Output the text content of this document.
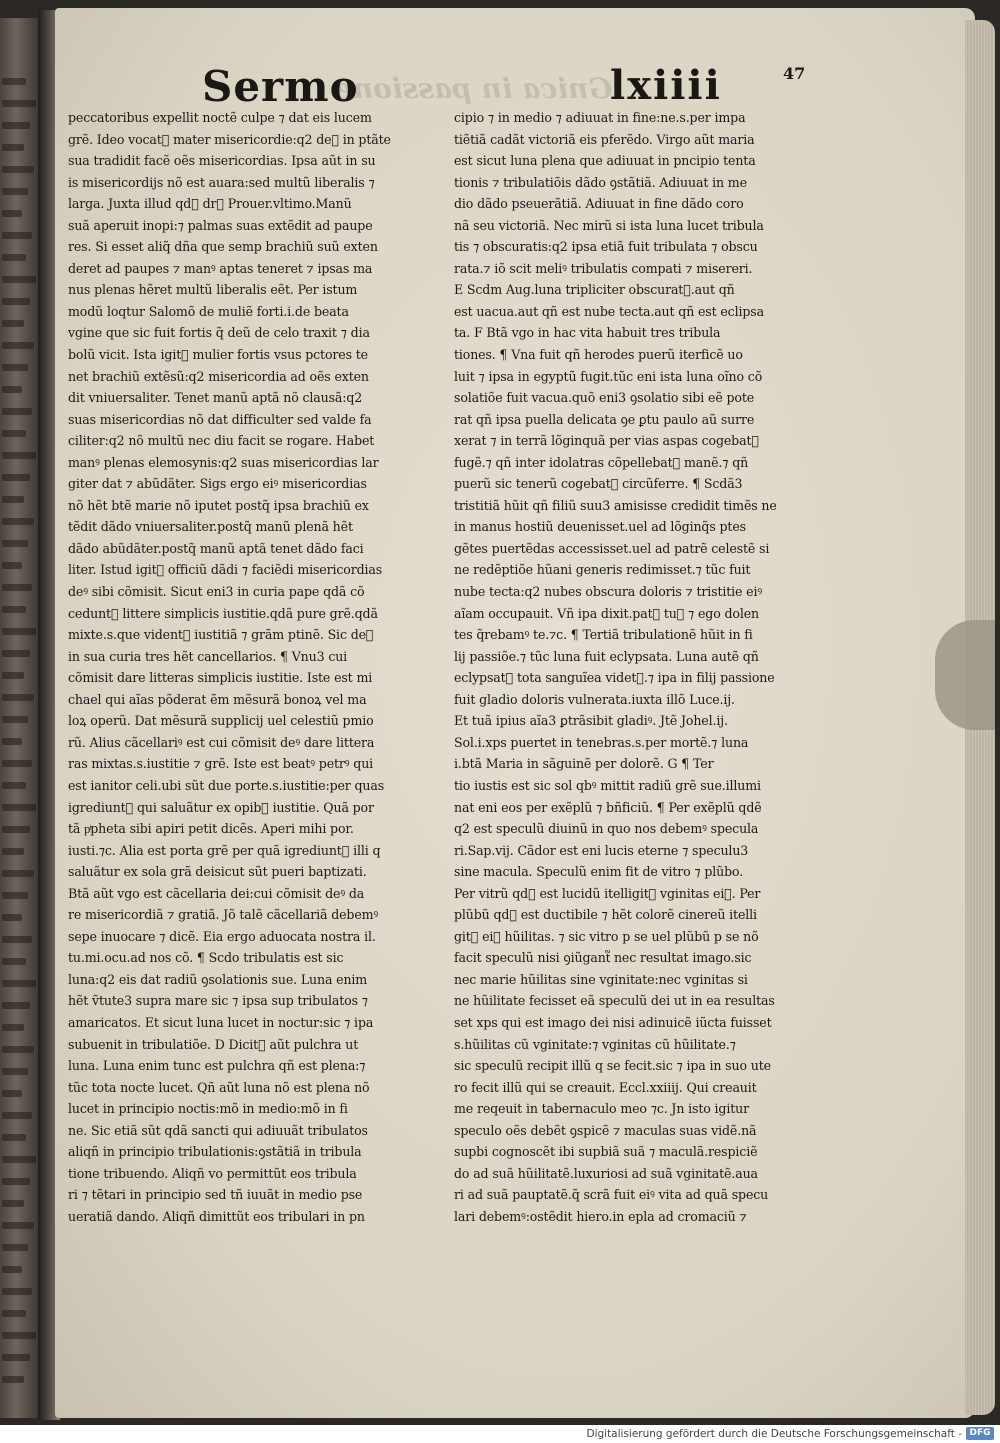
Gnica in passione
Sermo	lxiiii	47
peccatoribus expellit noctẽ culpe ⁊ dat eis lucem
grẽ. Ideo vocat᷑ mater misericordie:q2 deꝰ in ptãte
sua tradidit facẽ oẽs misericordias. Ipsa aũt in su
is misericordijs nõ est auara:sed multũ liberalis ⁊
larga. Juxta illud qd᷑ dr᷑ Prouer.vltimo.Manũ
suã aperuit inopi:⁊ palmas suas extẽdit ad paupe
res. Si esset aliq̃ dña que semp brachiũ suũ exten
deret ad paupes ⁊ manꝰ aptas teneret ⁊ ipsas ma
nus plenas hẽret multũ liberalis eẽt. Per istum
modũ loqtur Salomõ de muliẽ forti.i.de beata
vgine que sic fuit fortis q̃ deũ de celo traxit ⁊ dia
bolũ vicit. Ista igit᷑ mulier fortis vsus pctores te
net brachiũ extẽsũ:q2 misericordia ad oẽs exten
dit vniuersaliter. Tenet manũ aptã nõ clausã:q2
suas misericordias nõ dat difficulter sed valde fa
ciliter:q2 nõ multũ nec diu facit se rogare. Habet
manꝰ plenas elemosynis:q2 suas misericordias lar
giter dat ⁊ abũdãter. Sigs ergo eiꝰ misericordias
nõ hẽt btẽ marie nõ iputet postq̃ ipsa brachiũ ex
tẽdit dãdo vniuersaliter.postq̃ manũ plenã hẽt
dãdo abũdãter.postq̃ manũ aptã tenet dãdo faci
liter. Istud igit᷑ officiũ dãdi ⁊ faciẽdi misericordias
deꝰ sibi cõmisit. Sicut eni3 in curia pape qdã cõ
cedunt᷑ littere simplicis iustitie.qdã pure grẽ.qdã
mixte.s.que vident᷑ iustitiã ⁊ grãm ptinẽ. Sic deꝰ
in sua curia tres hẽt cancellarios. ¶ Vnu3 cui
cõmisit dare litteras simplicis iustitie. Iste est mi
chael qui aĩas põderat ẽm mẽsurã bonoꝝ vel ma
loꝝ operũ. Dat mẽsurã supplicij uel celestiũ pmio
rũ. Alius cãcellariꝰ est cui cõmisit deꝰ dare littera
ras mixtas.s.iustitie ⁊ grẽ. Iste est beatꝰ petrꝰ qui
est ianitor celi.ubi sũt due porte.s.iustitie:per quas
igrediunt᷑ qui saluãtur ex opibꝰ iustitie. Quã por
tã pͥpheta sibi apiri petit dicẽs. Aperi mihi por.
iusti.⁊c. Alia est porta grẽ per quã igrediunt᷑ illi q
saluãtur ex sola grã deisicut sũt pueri baptizati.
Btã aũt vgo est cãcellaria dei:cui cõmisit deꝰ da
re misericordiã ⁊ gratiã. Jõ talẽ cãcellariã debemꝰ
sepe inuocare ⁊ dicẽ. Eia ergo aduocata nostra il.
tu.mi.ocu.ad nos cõ. ¶ Scdo tribulatis est sic
luna:q2 eis dat radiũ ꝯsolationis sue. Luna enim
hẽt ṽtute3 supra mare sic ⁊ ipsa sup tribulatos ⁊
amaricatos. Et sicut luna lucet in noctur:sic ⁊ ipa
subuenit in tribulatiõe. D Dicit᷑ aũt pulchra ut
luna. Luna enim tunc est pulchra qñ est plena:⁊
tũc tota nocte lucet. Qñ aũt luna nõ est plena nõ
lucet in principio noctis:mõ in medio:mõ in fi
ne. Sic etiã sũt qdã sancti qui adiuuãt tribulatos
aliqñ in principio tribulationis:ꝯstãtiã in tribula
tione tribuendo. Aliqñ vo permittũt eos tribula
ri ⁊ tẽtari in principio sed tñ iuuãt in medio pse
ueratiã dando. Aliqñ dimittũt eos tribulari in pn
cipio ⁊ in medio ⁊ adiuuat in fine:ne.s.per impa
tiẽtiã cadãt victoriã eis pferẽdo. Virgo aũt maria
est sicut luna plena que adiuuat in pncipio tenta
tionis ⁊ tribulatiõis dãdo ꝯstãtiã. Adiuuat in me
dio dãdo pseuerãtiã. Adiuuat in fine dãdo coro
nã seu victoriã. Nec mirũ si ista luna lucet tribula
tis ⁊ obscuratis:q2 ipsa etiã fuit tribulata ⁊ obscu
rata.⁊ iõ scit meliꝰ tribulatis compati ⁊ misereri.
E Scdm Aug.luna tripliciter obscurat᷑.aut qñ
est uacua.aut qñ est nube tecta.aut qñ est eclipsa
ta. F Btã vgo in hac vita habuit tres tribula
tiones. ¶ Vna fuit qñ herodes puerũ iterficẽ uo
luit ⁊ ipsa in egyptũ fugit.tũc eni ista luna oĩno cõ
solatiõe fuit vacua.quõ eni3 ꝯsolatio sibi eẽ pote
rat qñ ipsa puella delicata ꝯe ꝑtu paulo aũ surre
xerat ⁊ in terrã lõginquã per vias aspas cogebat᷑
fugẽ.⁊ qñ inter idolatras cõpellebat᷑ manẽ.⁊ qñ
puerũ sic tenerũ cogebat᷑ circũferre. ¶ Scdã3
tristitiã hũit qñ filiũ suu3 amisisse credidit timẽs ne
in manus hostiũ deuenisset.uel ad lõginq̃s ptes
gẽtes puertẽdas accessisset.uel ad patrẽ celestẽ si
ne redẽptiõe hũani generis redimisset.⁊ tũc fuit
nube tecta:q2 nubes obscura doloris ⁊ tristitie eiꝰ
aĩam occupauit. Vñ ipa dixit.pat᷑ tuꝰ ⁊ ego dolen
tes q̃rebamꝰ te.⁊c. ¶ Tertiã tribulationẽ hũit in fi
lij passiõe.⁊ tũc luna fuit eclypsata. Luna autẽ qñ
eclypsat᷑ tota sanguĩea videt᷑.⁊ ipa in filij passione
fuit gladio doloris vulnerata.iuxta illõ Luce.ij.
Et tuã ipius aĩa3 ꝑtrãsibit gladiꝰ. Jtẽ Johel.ij.
Sol.i.xps puertet in tenebras.s.per mortẽ.⁊ luna
i.btã Maria in sãguinẽ per dolorẽ. G ¶ Ter
tio iustis est sic sol qbꝰ mittit radiũ grẽ sue.illumi
nat eni eos per exẽplũ ⁊ bñficiũ. ¶ Per exẽplũ qdẽ
q2 est speculũ diuinũ in quo nos debemꝰ specula
ri.Sap.vij. Cãdor est eni lucis eterne ⁊ speculu3
sine macula. Speculũ enim fit de vitro ⁊ plũbo.
Per vitrũ qd᷑ est lucidũ itelligit᷑ vginitas eiꝰ. Per
plũbũ qd᷑ est ductibile ⁊ hẽt colorẽ cinereũ itelli
git᷑ eiꝰ hũilitas. ⁊ sic vitro p se uel plũbũ p se nõ
facit speculũ nisi ꝯiũgant᷑ nec resultat imago.sic
nec marie hũilitas sine vginitate:nec vginitas si
ne hũilitate fecisset eã speculũ dei ut in ea resultas
set xps qui est imago dei nisi adinuicẽ iũcta fuisset
s.hũilitas cũ vginitate:⁊ vginitas cũ hũilitate.⁊
sic speculũ recipit illũ q se fecit.sic ⁊ ipa in suo ute
ro fecit illũ qui se creauit. Eccl.xxiiij. Qui creauit
me reqeuit in tabernaculo meo ⁊c. Jn isto igitur
speculo oẽs debẽt ꝯspicẽ ⁊ maculas suas vidẽ.nã
supbi cognoscẽt ibi supbiã suã ⁊ maculã.respiciẽ
do ad suã hũilitatẽ.luxuriosi ad suã vginitatẽ.aua
ri ad suã pauptatẽ.q̃ scrã fuit eiꝰ vita ad quã specu
lari debemꝰ:ostẽdit hiero.in epla ad cromaciũ ⁊
Digitalisierung gefördert durch die Deutsche Forschungsgemeinschaft - DFG
